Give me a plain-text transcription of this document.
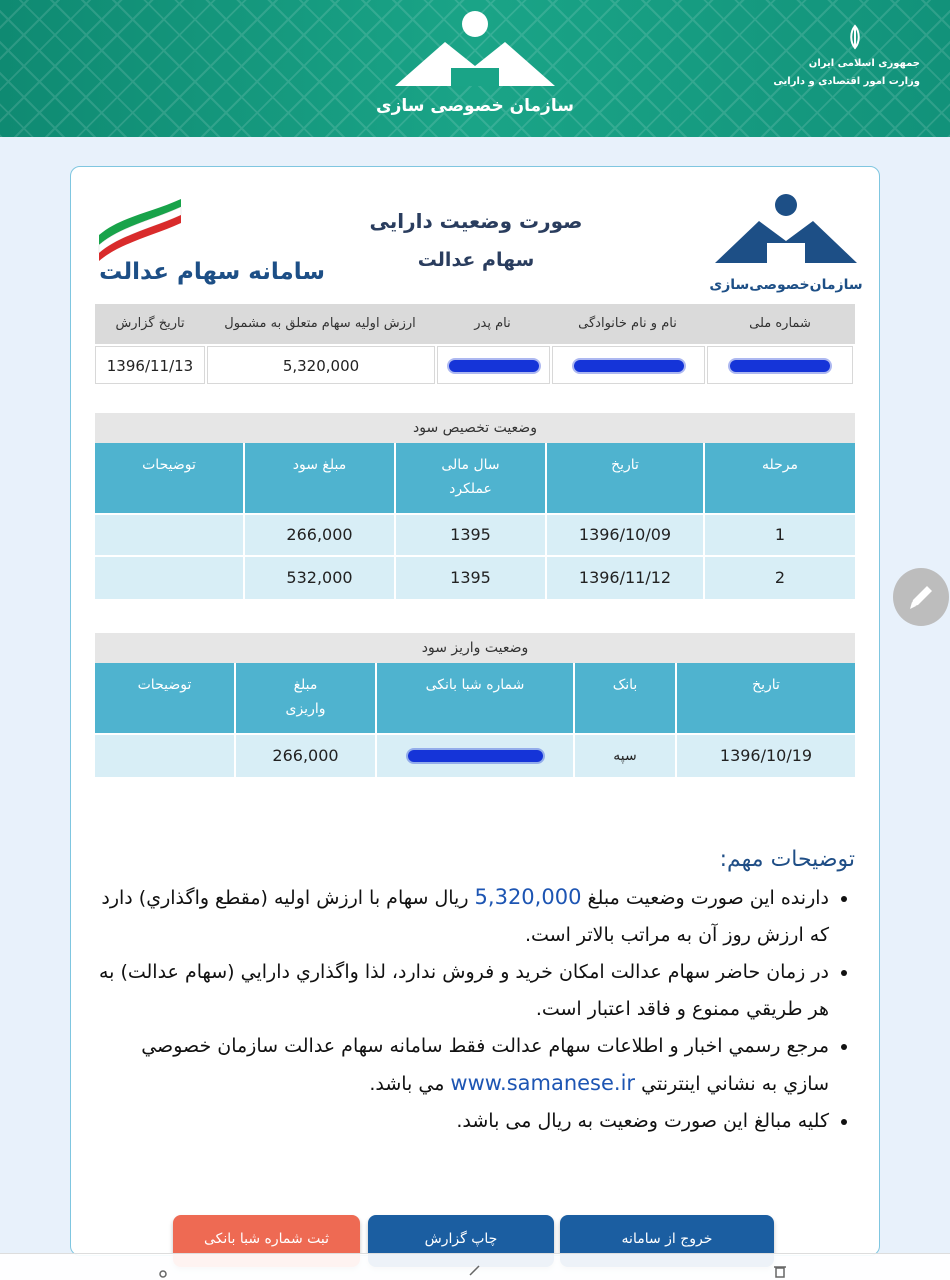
سازمان خصوصی سازی
جمهوری اسلامی ایران
وزارت امور اقتصادی و دارایی
سازمان‌خصوصی‌سازی
صورت وضعیت دارایی
سهام عدالت
سامانه سهام عدالت
شماره ملی
نام و نام خانوادگی
نام پدر
ارزش اولیه سهام متعلق به مشمول
تاریخ گزارش
5,320,000
1396/11/13
وضعیت تخصیص سود
مرحله
تاریخ
سال مالی عملکرد
مبلغ سود
توضیحات
1
1396/10/09
1395
266,000
2
1396/11/12
1395
532,000
وضعیت واریز سود
تاریخ
بانک
شماره شبا بانکی
مبلغ واریزی
توضیحات
1396/10/19
سپه
266,000
توضیحات مهم:
• دارنده این صورت وضعیت مبلغ 5,320,000 ریال سهام با ارزش اولیه (مقطع واگذاري) دارد که ارزش روز آن به مراتب بالاتر است.
• در زمان حاضر سهام عدالت امکان خريد و فروش ندارد، لذا واگذاري دارايي (سهام عدالت) به هر طريقي ممنوع و فاقد اعتبار است.
• مرجع رسمي اخبار و اطلاعات سهام عدالت فقط سامانه سهام عدالت سازمان خصوصي سازي به نشاني اينترنتي www.samanese.ir مي باشد.
• کلیه مبالغ این صورت وضعیت به ریال می باشد.
خروج از سامانه
چاپ گزارش
ثبت شماره شبا بانکی
